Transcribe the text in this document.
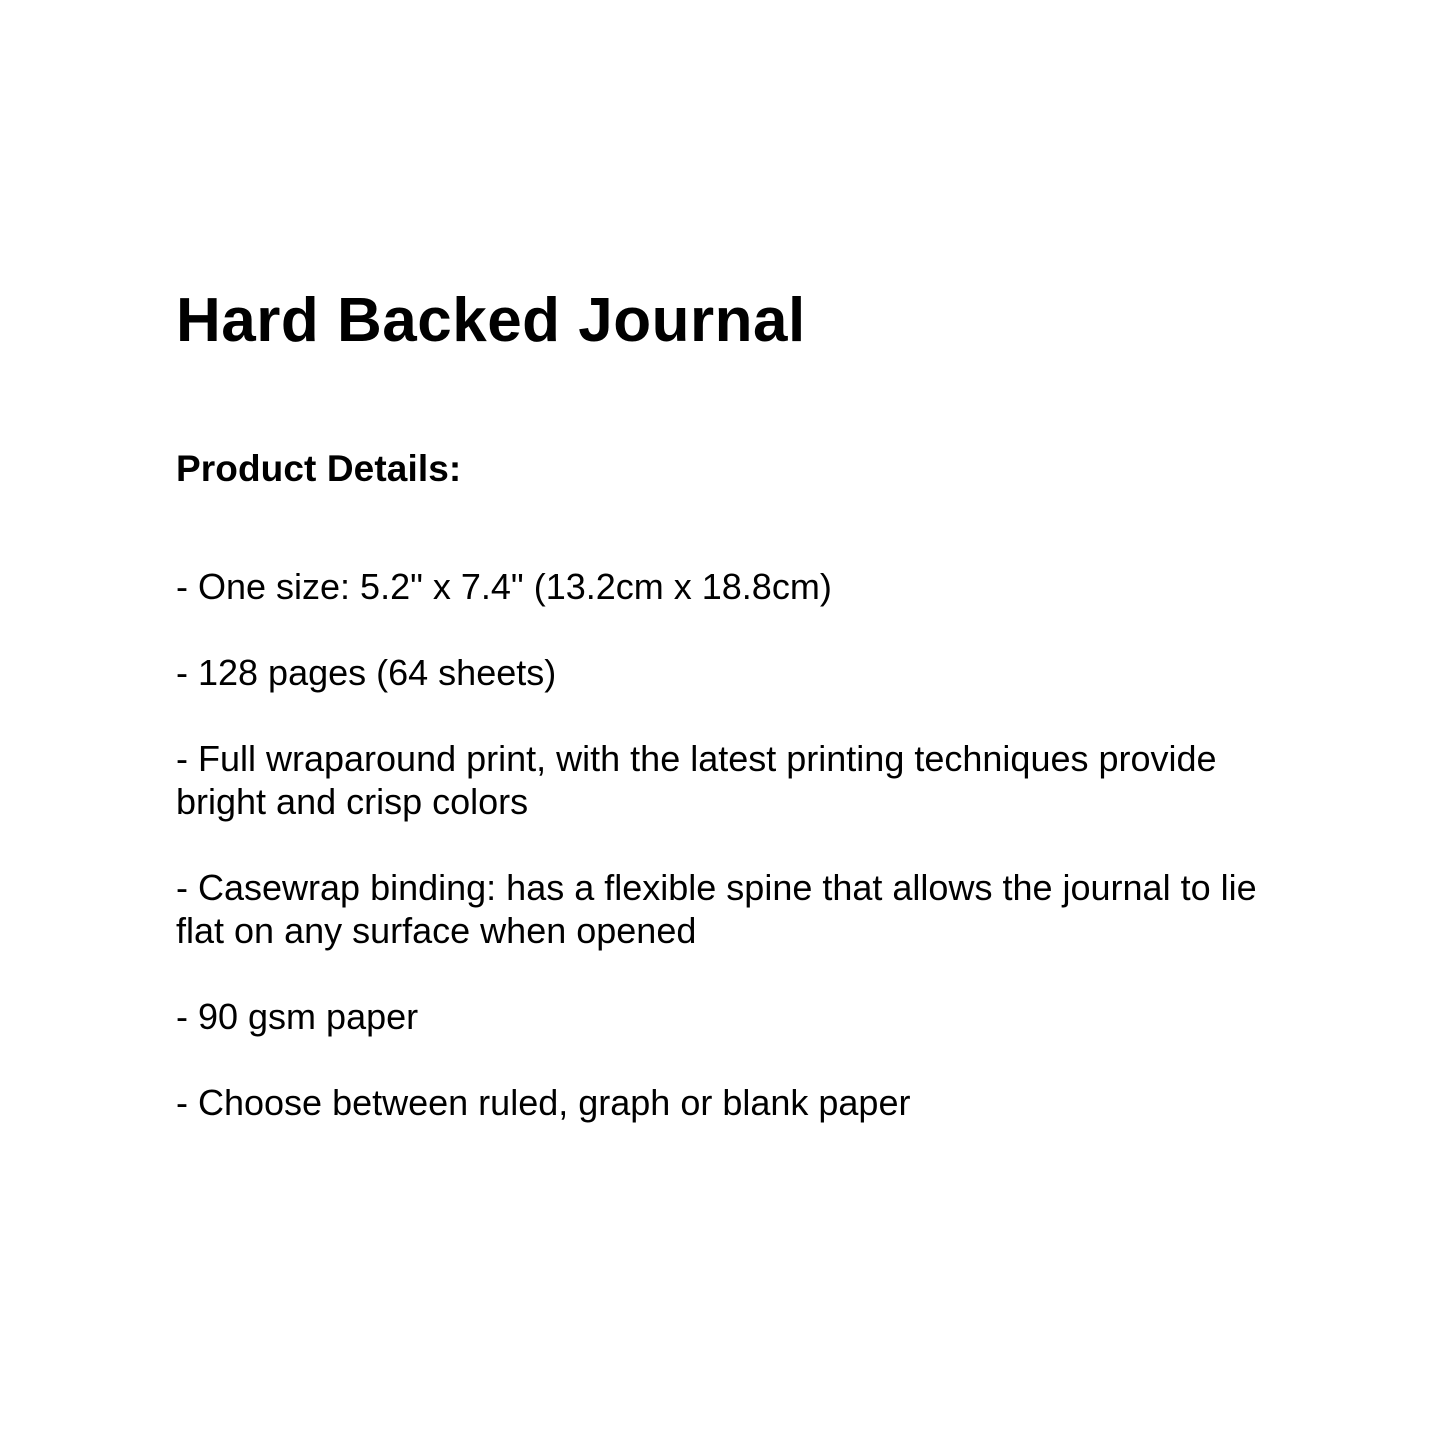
Hard Backed Journal
Product Details:
- One size: 5.2" x 7.4" (13.2cm x 18.8cm)
- 128 pages (64 sheets)
- Full wraparound print, with the latest printing techniques provide bright and crisp colors
- Casewrap binding: has a flexible spine that allows the journal to lie flat on any surface when opened
- 90 gsm paper
- Choose between ruled, graph or blank paper
